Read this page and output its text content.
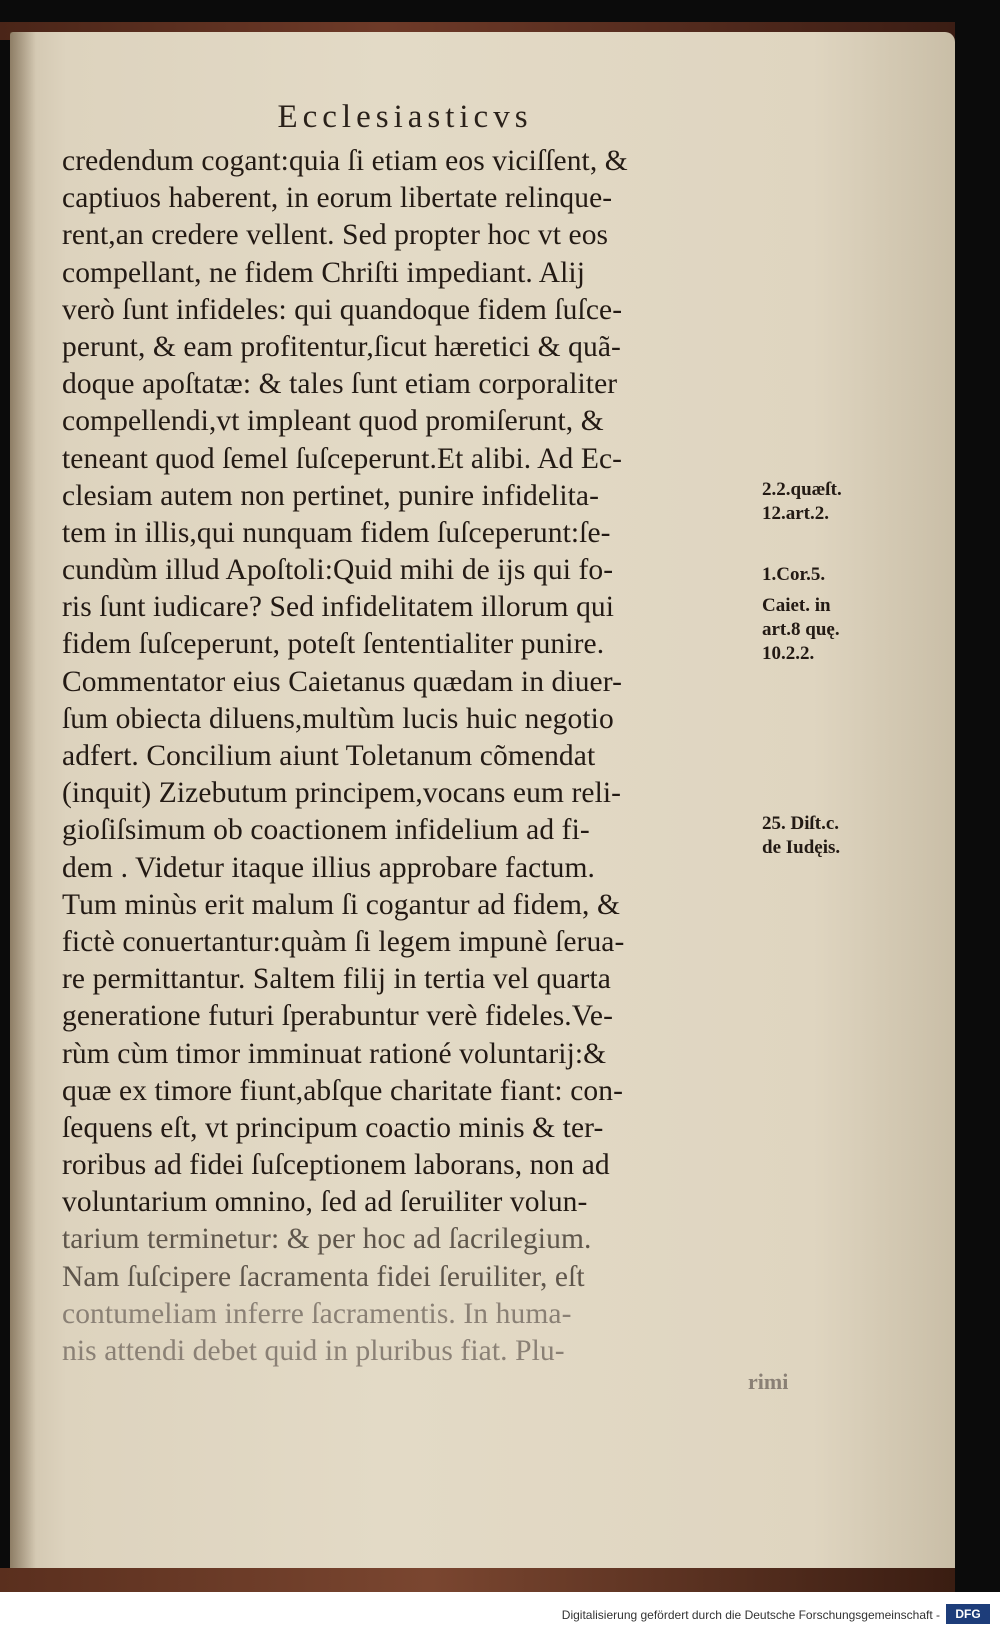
Ecclesiasticvs
credendum cogant:quia ſi etiam eos viciſſent, &
captiuos haberent, in eorum libertate relinque-
rent,an credere vellent. Sed propter hoc vt eos
compellant, ne fidem Chriſti impediant. Alij
verò ſunt infideles: qui quandoque fidem ſuſce-
perunt, & eam profitentur,ſicut hæretici & quã-
doque apoſtatæ: & tales ſunt etiam corporaliter
compellendi,vt impleant quod promiſerunt, &
teneant quod ſemel ſuſceperunt.Et alibi. Ad Ec-
clesiam autem non pertinet, punire infidelita-
tem in illis,qui nunquam fidem ſuſceperunt:ſe-
cundùm illud Apoſtoli:Quid mihi de ijs qui fo-
ris ſunt iudicare? Sed infidelitatem illorum qui
fidem ſuſceperunt, poteſt ſententialiter punire.
Commentator eius Caietanus quædam in diuer-
ſum obiecta diluens,multùm lucis huic negotio
adfert. Concilium aiunt Toletanum cõmendat
(inquit) Zizebutum principem,vocans eum reli-
gioſiſsimum ob coactionem infidelium ad fi-
dem . Videtur itaque illius approbare factum.
Tum minùs erit malum ſi cogantur ad fidem, &
fictè conuertantur:quàm ſi legem impunè ſerua-
re permittantur. Saltem filij in tertia vel quarta
generatione futuri ſperabuntur verè fideles.Ve-
rùm cùm timor imminuat rationé voluntarij:&
quæ ex timore fiunt,abſque charitate fiant: con-
ſequens eſt, vt principum coactio minis & ter-
roribus ad fidei ſuſceptionem laborans, non ad
voluntarium omnino, ſed ad ſeruiliter volun-
tarium terminetur: & per hoc ad ſacrilegium.
Nam ſuſcipere ſacramenta fidei ſeruiliter, eſt
contumeliam inferre ſacramentis. In huma-
nis attendi debet quid in pluribus fiat. Plu-
2.2.quæſt.
12.art.2.
1.Cor.5.
Caiet. in
art.8 quę.
10.2.2.
25. Diſt.c.
de Iudęis.
rimi
Digitalisierung gefördert durch die Deutsche Forschungsgemeinschaft -	DFG
